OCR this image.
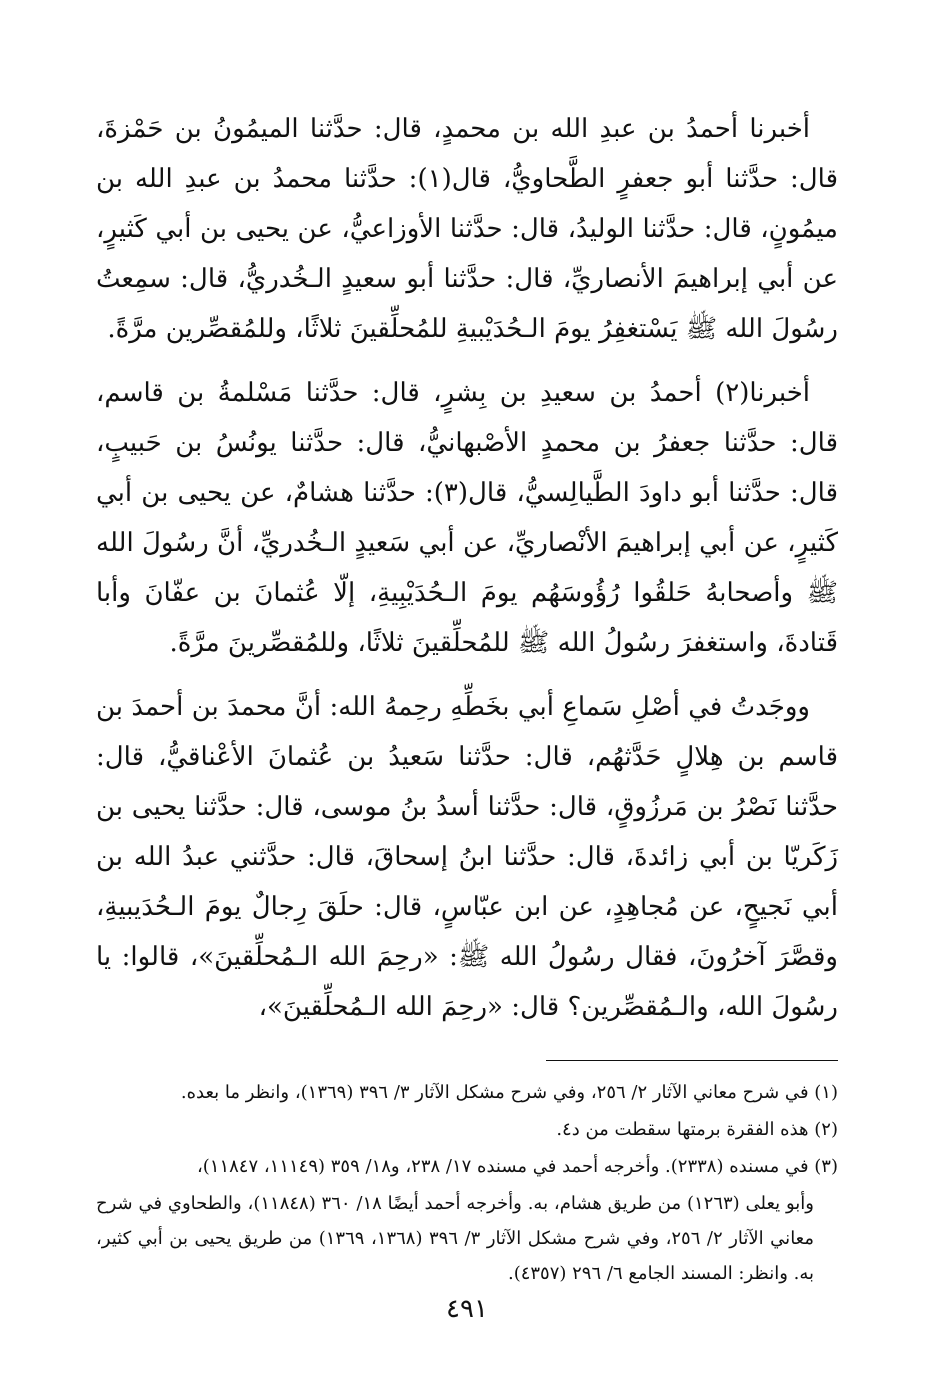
أخبرنا أحمدُ بن عبدِ الله بن محمدٍ، قال: حدَّثنا الميمُونُ بن حَمْزةَ، قال: حدَّثنا أبو جعفرٍ الطَّحاويُّ، قال(١): حدَّثنا محمدُ بن عبدِ الله بن ميمُونٍ، قال: حدَّثنا الوليدُ، قال: حدَّثنا الأوزاعيُّ، عن يحيى بن أبي كَثيرٍ، عن أبي إبراهيمَ الأنصاريِّ، قال: حدَّثنا أبو سعيدٍ الـخُدريُّ، قال: سمِعتُ رسُولَ الله ﷺ يَسْتغفِرُ يومَ الـحُدَيْبيةِ للمُحلِّقينَ ثلاثًا، وللمُقصِّرين مرَّةً.

أخبرنا(٢) أحمدُ بن سعيدِ بن بِشرٍ، قال: حدَّثنا مَسْلمةُ بن قاسم، قال: حدَّثنا جعفرُ بن محمدٍ الأصْبهانيُّ، قال: حدَّثنا يونُسُ بن حَبيبٍ، قال: حدَّثنا أبو داودَ الطَّيالِسيُّ، قال(٣): حدَّثنا هشامٌ، عن يحيى بن أبي كَثيرٍ، عن أبي إبراهيمَ الأنْصاريِّ، عن أبي سَعيدٍ الـخُدريِّ، أنَّ رسُولَ الله ﷺ وأصحابهُ حَلقُوا رُؤُوسَهُم يومَ الـحُدَيْبِيةِ، إلّا عُثمانَ بن عفّانَ وأبا قَتادةَ، واستغفرَ رسُولُ الله ﷺ للمُحلِّقينَ ثلاثًا، وللمُقصِّرينَ مرَّةً.

ووجَدتُ في أصْلِ سَماعِ أبي بخَطِّهِ رحِمهُ الله: أنَّ محمدَ بن أحمدَ بن قاسم بن هِلالٍ حَدَّثهُم، قال: حدَّثنا سَعيدُ بن عُثمانَ الأعْناقيُّ، قال: حدَّثنا نَصْرُ بن مَرزُوقٍ، قال: حدَّثنا أسدُ بنُ موسى، قال: حدَّثنا يحيى بن زَكَريّا بن أبي زائدةَ، قال: حدَّثنا ابنُ إسحاقَ، قال: حدَّثني عبدُ الله بن أبي نَجيحٍ، عن مُجاهِدٍ، عن ابن عبّاسٍ، قال: حلَقَ رِجالٌ يومَ الـحُدَيبيةِ، وقصَّرَ آخرُونَ، فقال رسُولُ الله ﷺ: «رحِمَ الله الـمُحلِّقينَ»، قالوا: يا رسُولَ الله، والـمُقصِّرين؟ قال: «رحِمَ الله الـمُحلِّقينَ»،

(١) في شرح معاني الآثار ٢/ ٢٥٦، وفي شرح مشكل الآثار ٣/ ٣٩٦ (١٣٦٩)، وانظر ما بعده.

(٢) هذه الفقرة برمتها سقطت من د٤.

(٣) في مسنده (٢٣٣٨). وأخرجه أحمد في مسنده ١٧/ ٢٣٨، و١٨/ ٣٥٩ (١١١٤٩، ١١٨٤٧)،

وأبو يعلى (١٢٦٣) من طريق هشام، به. وأخرجه أحمد أيضًا ١٨/ ٣٦٠ (١١٨٤٨)، والطحاوي في شرح معاني الآثار ٢/ ٢٥٦، وفي شرح مشكل الآثار ٣/ ٣٩٦ (١٣٦٨، ١٣٦٩) من طريق يحيى بن أبي كثير، به. وانظر: المسند الجامع ٦/ ٢٩٦ (٤٣٥٧).

٤٩١
